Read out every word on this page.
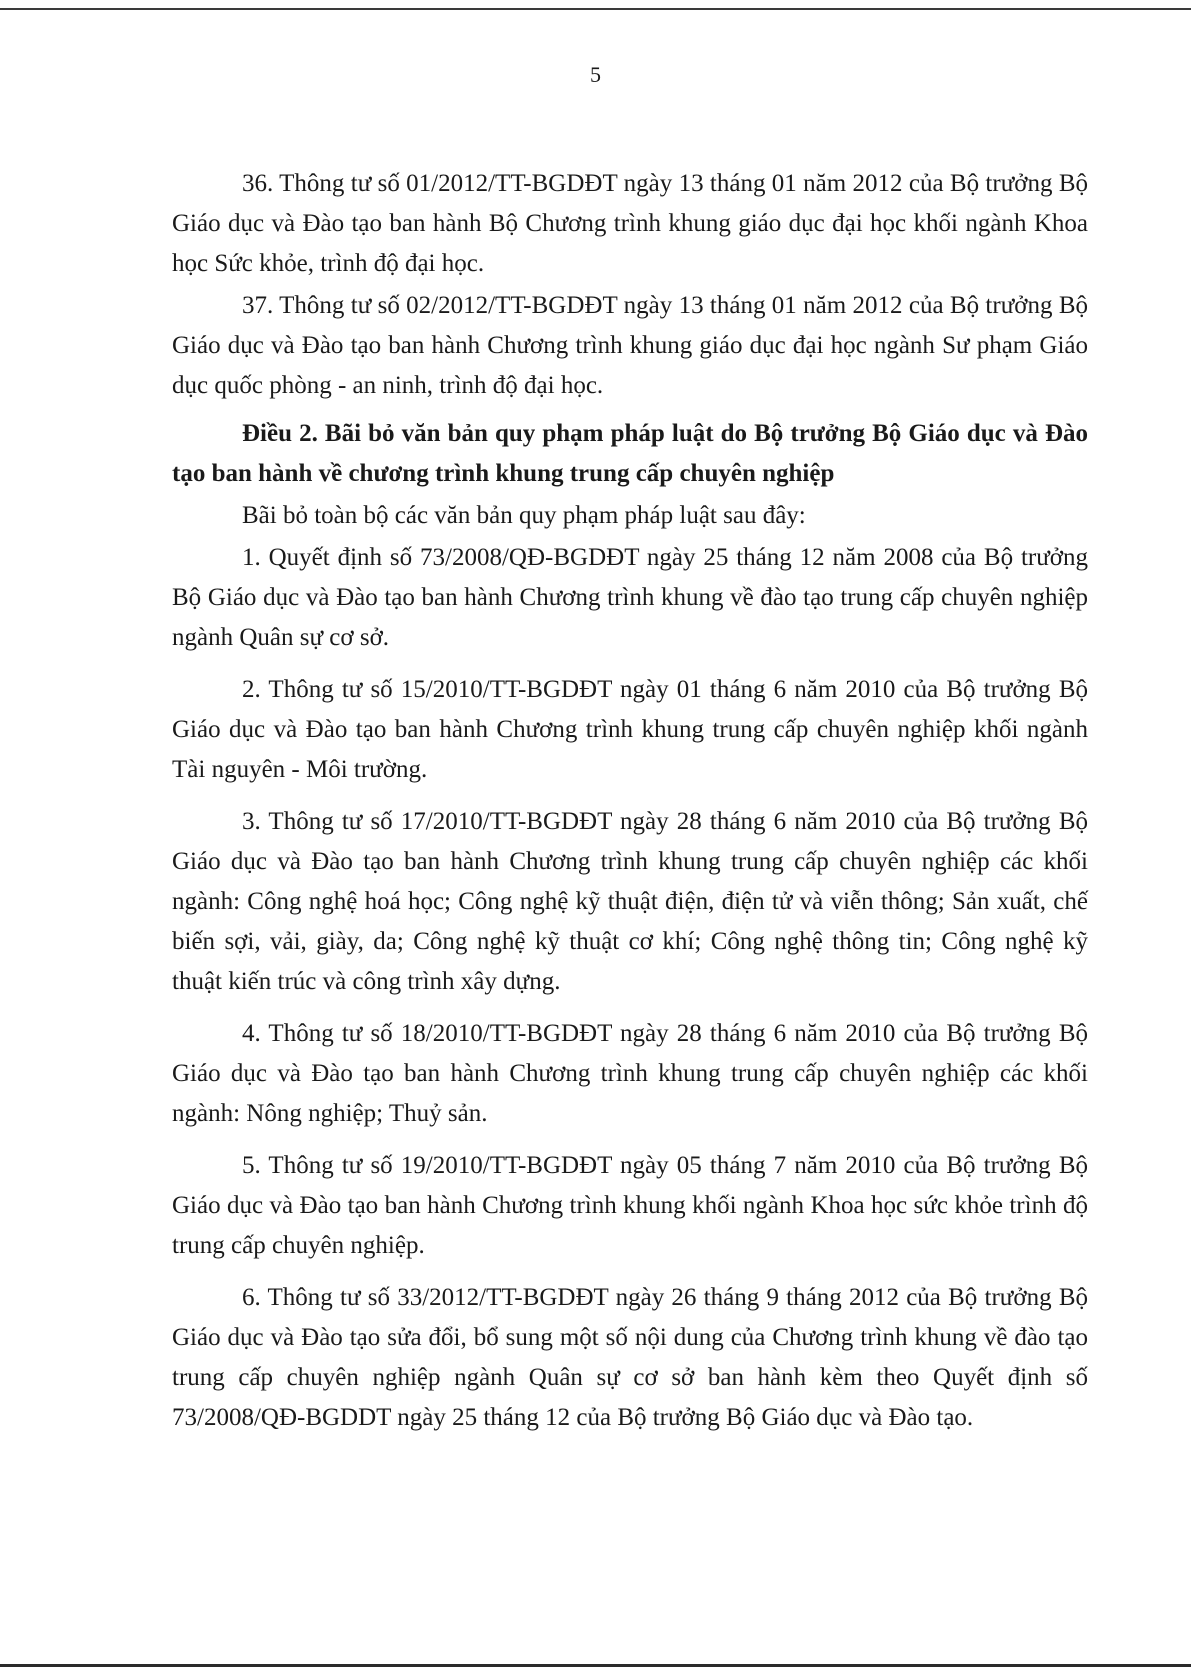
5

36. Thông tư số 01/2012/TT-BGDĐT ngày 13 tháng 01 năm 2012 của Bộ trưởng Bộ Giáo dục và Đào tạo ban hành Bộ Chương trình khung giáo dục đại học khối ngành Khoa học Sức khỏe, trình độ đại học.

37. Thông tư số 02/2012/TT-BGDĐT ngày 13 tháng 01 năm 2012 của Bộ trưởng Bộ Giáo dục và Đào tạo ban hành Chương trình khung giáo dục đại học ngành Sư phạm Giáo dục quốc phòng - an ninh, trình độ đại học.

Điều 2. Bãi bỏ văn bản quy phạm pháp luật do Bộ trưởng Bộ Giáo dục và Đào tạo ban hành về chương trình khung trung cấp chuyên nghiệp

Bãi bỏ toàn bộ các văn bản quy phạm pháp luật sau đây:

1. Quyết định số 73/2008/QĐ-BGDĐT ngày 25 tháng 12 năm 2008 của Bộ trưởng Bộ Giáo dục và Đào tạo ban hành Chương trình khung về đào tạo trung cấp chuyên nghiệp ngành Quân sự cơ sở.

2. Thông tư số 15/2010/TT-BGDĐT ngày 01 tháng 6 năm 2010 của Bộ trưởng Bộ Giáo dục và Đào tạo ban hành Chương trình khung trung cấp chuyên nghiệp khối ngành Tài nguyên - Môi trường.

3. Thông tư số 17/2010/TT-BGDĐT ngày 28 tháng 6 năm 2010 của Bộ trưởng Bộ Giáo dục và Đào tạo ban hành Chương trình khung trung cấp chuyên nghiệp các khối ngành: Công nghệ hoá học; Công nghệ kỹ thuật điện, điện tử và viễn thông; Sản xuất, chế biến sợi, vải, giày, da; Công nghệ kỹ thuật cơ khí; Công nghệ thông tin; Công nghệ kỹ thuật kiến trúc và công trình xây dựng.

4. Thông tư số 18/2010/TT-BGDĐT ngày 28 tháng 6 năm 2010 của Bộ trưởng Bộ Giáo dục và Đào tạo ban hành Chương trình khung trung cấp chuyên nghiệp các khối ngành: Nông nghiệp; Thuỷ sản.

5. Thông tư số 19/2010/TT-BGDĐT ngày 05 tháng 7 năm 2010 của Bộ trưởng Bộ Giáo dục và Đào tạo ban hành Chương trình khung khối ngành Khoa học sức khỏe trình độ trung cấp chuyên nghiệp.

6. Thông tư số 33/2012/TT-BGDĐT ngày 26 tháng 9 tháng 2012 của Bộ trưởng Bộ Giáo dục và Đào tạo sửa đổi, bổ sung một số nội dung của Chương trình khung về đào tạo trung cấp chuyên nghiệp ngành Quân sự cơ sở ban hành kèm theo Quyết định số 73/2008/QĐ-BGDDT ngày 25 tháng 12 của Bộ trưởng Bộ Giáo dục và Đào tạo.
